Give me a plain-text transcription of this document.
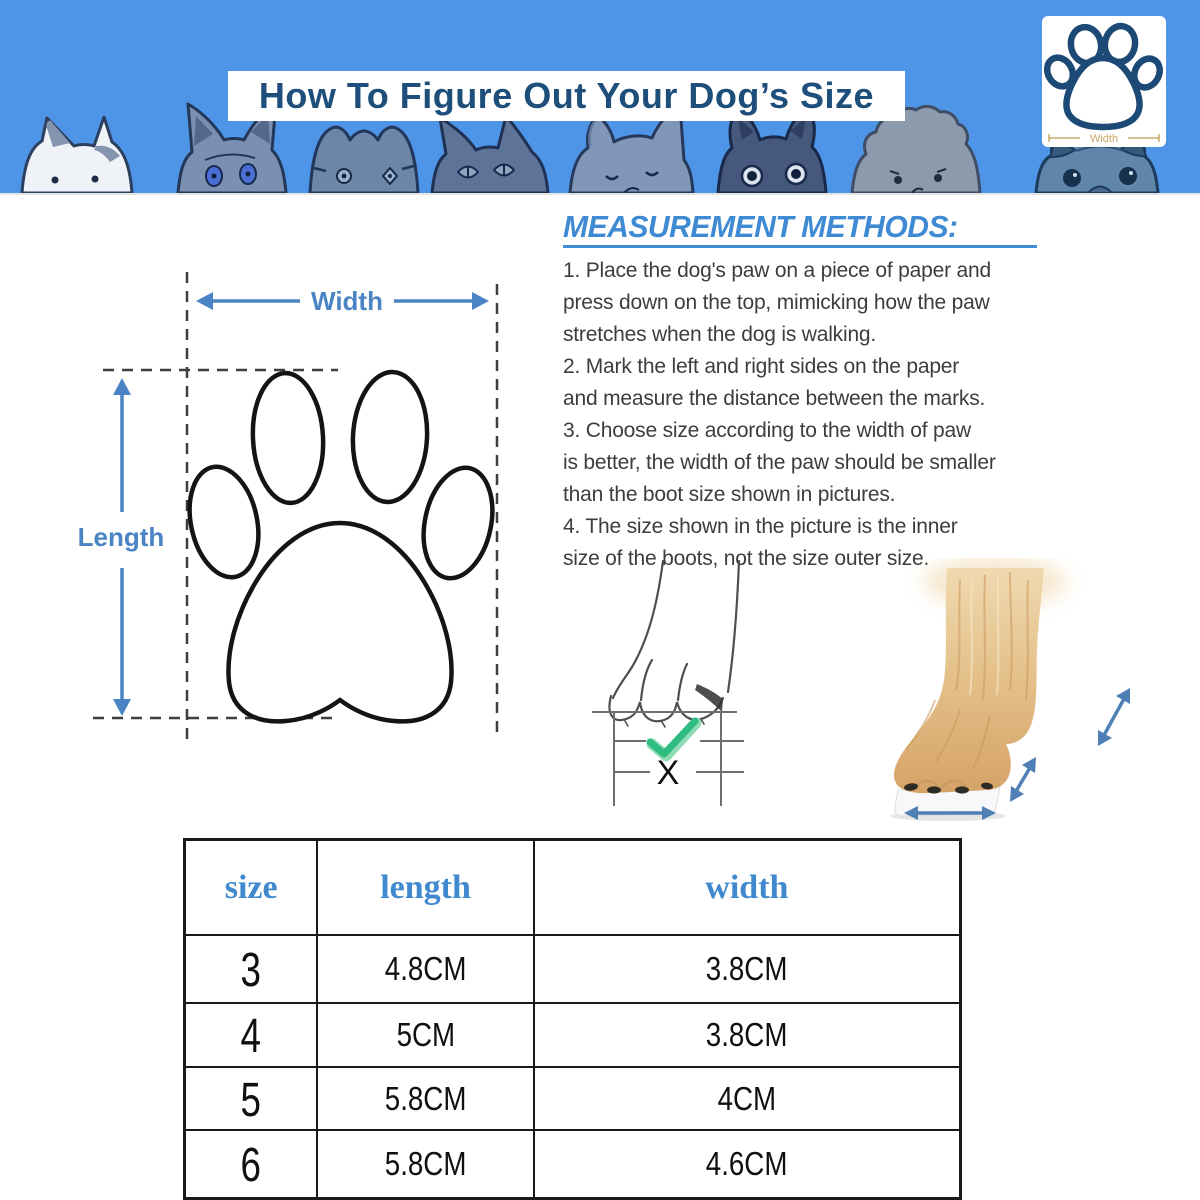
How To Figure Out Your Dog’s Size
Width
Width
Length
MEASUREMENT METHODS:
1. Place the dog's paw on a piece of paper and
press down on the top, mimicking how the paw
stretches when the dog is walking.
2. Mark the left and right sides on the paper
and measure the distance between the marks.
3. Choose size according to the width of paw
is better, the width of the paw should be smaller
than the boot size shown in pictures.
4. The size shown in the picture is the inner
size of the boots, not the size outer size.
X
size	length	width
3	4.8CM	3.8CM
4	5CM	3.8CM
5	5.8CM	4CM
6	5.8CM	4.6CM
